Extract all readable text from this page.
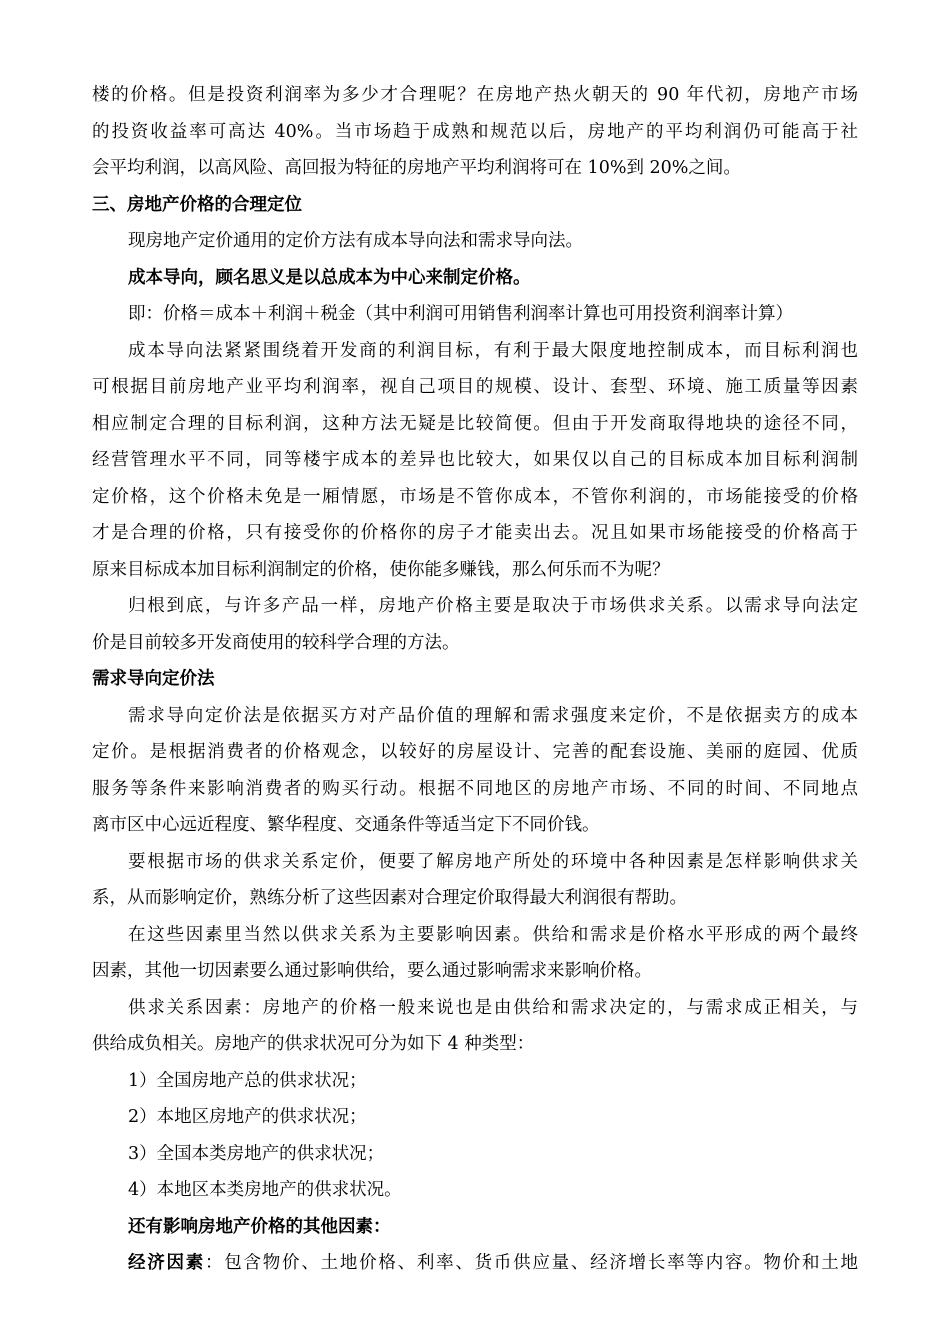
楼的价格。但是投资利润率为多少才合理呢？在房地产热火朝天的 90 年代初，房地产市场
的投资收益率可高达 40%。当市场趋于成熟和规范以后，房地产的平均利润仍可能高于社
会平均利润，以高风险、高回报为特征的房地产平均利润将可在 10%到 20%之间。
三、房地产价格的合理定位
现房地产定价通用的定价方法有成本导向法和需求导向法。
成本导向，顾名思义是以总成本为中心来制定价格。
即：价格＝成本＋利润＋税金（其中利润可用销售利润率计算也可用投资利润率计算）
成本导向法紧紧围绕着开发商的利润目标，有利于最大限度地控制成本，而目标利润也
可根据目前房地产业平均利润率，视自己项目的规模、设计、套型、环境、施工质量等因素
相应制定合理的目标利润，这种方法无疑是比较简便。但由于开发商取得地块的途径不同，
经营管理水平不同，同等楼宇成本的差异也比较大，如果仅以自己的目标成本加目标利润制
定价格，这个价格未免是一厢情愿，市场是不管你成本，不管你利润的，市场能接受的价格
才是合理的价格，只有接受你的价格你的房子才能卖出去。况且如果市场能接受的价格高于
原来目标成本加目标利润制定的价格，使你能多赚钱，那么何乐而不为呢？
归根到底，与许多产品一样，房地产价格主要是取决于市场供求关系。以需求导向法定
价是目前较多开发商使用的较科学合理的方法。
需求导向定价法
需求导向定价法是依据买方对产品价值的理解和需求强度来定价，不是依据卖方的成本
定价。是根据消费者的价格观念，以较好的房屋设计、完善的配套设施、美丽的庭园、优质
服务等条件来影响消费者的购买行动。根据不同地区的房地产市场、不同的时间、不同地点
离市区中心远近程度、繁华程度、交通条件等适当定下不同价钱。
要根据市场的供求关系定价，便要了解房地产所处的环境中各种因素是怎样影响供求关
系，从而影响定价，熟练分析了这些因素对合理定价取得最大利润很有帮助。
在这些因素里当然以供求关系为主要影响因素。供给和需求是价格水平形成的两个最终
因素，其他一切因素要么通过影响供给，要么通过影响需求来影响价格。
供求关系因素：房地产的价格一般来说也是由供给和需求决定的，与需求成正相关，与
供给成负相关。房地产的供求状况可分为如下 4 种类型：
1）全国房地产总的供求状况；
2）本地区房地产的供求状况；
3）全国本类房地产的供求状况；
4）本地区本类房地产的供求状况。
还有影响房地产价格的其他因素：
经济因素：包含物价、土地价格、利率、货币供应量、经济增长率等内容。物价和土地
